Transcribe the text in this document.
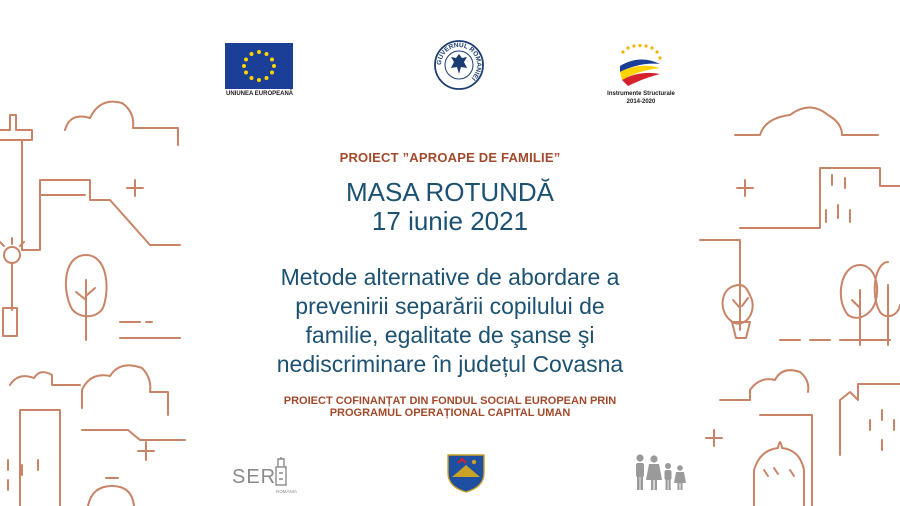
UNIUNEA EUROPEANĂ
GUVERNUL ROMÂNIEI
Instrumente Structurale
2014-2020

PROIECT ”APROAPE DE FAMILIE”

MASA ROTUNDĂ

17 iunie 2021

Metode alternative de abordare a
prevenirii separării copilului de
familie, egalitate de şanse şi
nediscriminare în județul Covasna
PROIECT COFINANȚAT DIN FONDUL SOCIAL EUROPEAN PRIN
PROGRAMUL OPERAȚIONAL CAPITAL UMAN
SER
ROMÂNIA
